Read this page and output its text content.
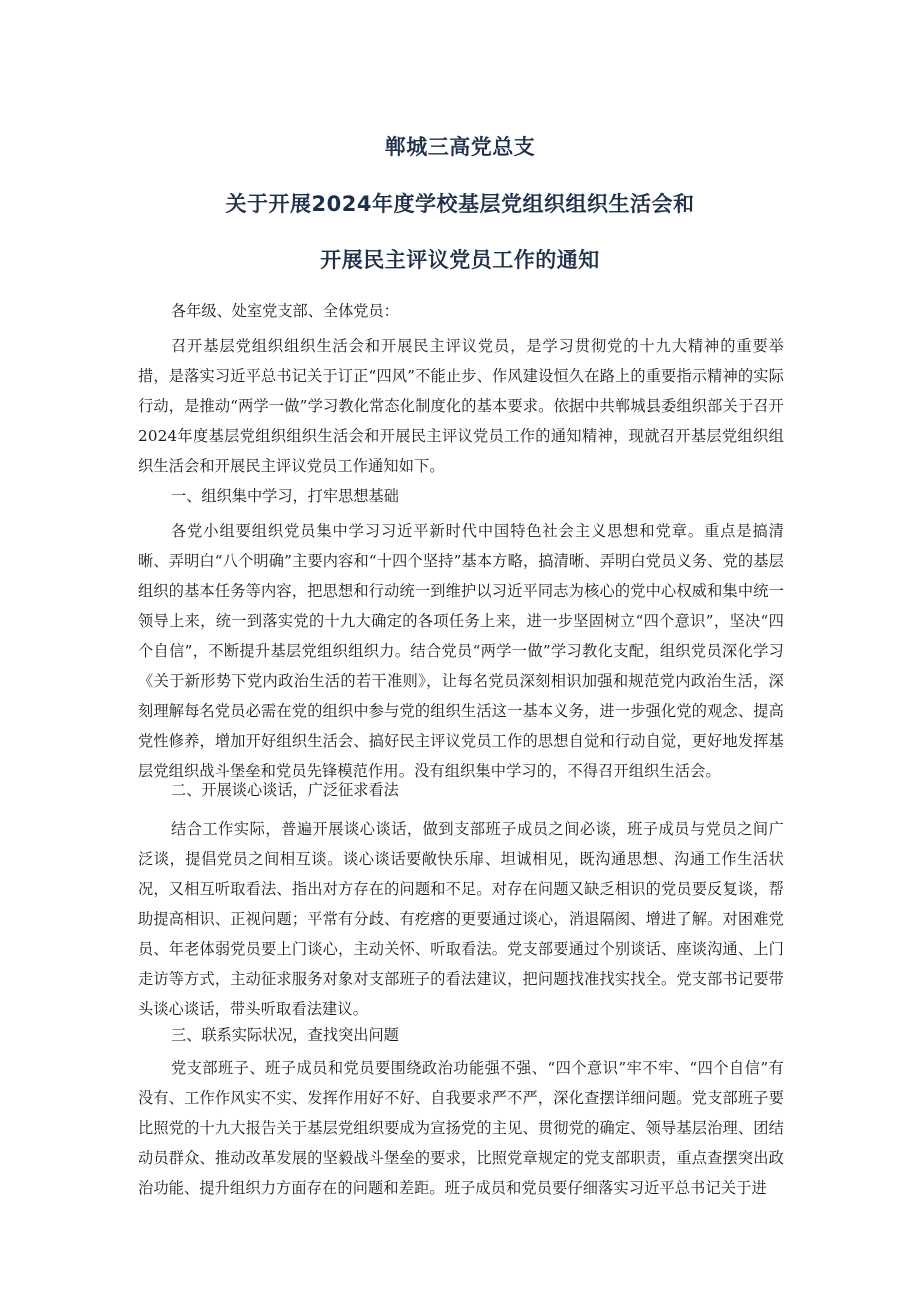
郸城三高党总支
关于开展2024年度学校基层党组织组织生活会和
开展民主评议党员工作的通知
各年级、处室党支部、全体党员：

召开基层党组织组织生活会和开展民主评议党员，是学习贯彻党的十九大精神的重要举措，是落实习近平总书记关于订正“四风”不能止步、作风建设恒久在路上的重要指示精神的实际行动，是推动“两学一做”学习教化常态化制度化的基本要求。依据中共郸城县委组织部关于召开2024年度基层党组织组织生活会和开展民主评议党员工作的通知精神，现就召开基层党组织组织生活会和开展民主评议党员工作通知如下。

一、组织集中学习，打牢思想基础

各党小组要组织党员集中学习习近平新时代中国特色社会主义思想和党章。重点是搞清晰、弄明白“八个明确”主要内容和“十四个坚持”基本方略，搞清晰、弄明白党员义务、党的基层组织的基本任务等内容，把思想和行动统一到维护以习近平同志为核心的党中心权威和集中统一领导上来，统一到落实党的十九大确定的各项任务上来，进一步坚固树立“四个意识”，坚决“四个自信”，不断提升基层党组织组织力。结合党员“两学一做”学习教化支配，组织党员深化学习《关于新形势下党内政治生活的若干准则》，让每名党员深刻相识加强和规范党内政治生活，深刻理解每名党员必需在党的组织中参与党的组织生活这一基本义务，进一步强化党的观念、提高党性修养，增加开好组织生活会、搞好民主评议党员工作的思想自觉和行动自觉，更好地发挥基层党组织战斗堡垒和党员先锋模范作用。没有组织集中学习的，不得召开组织生活会。

二、开展谈心谈话，广泛征求看法

结合工作实际，普遍开展谈心谈话，做到支部班子成员之间必谈，班子成员与党员之间广泛谈，提倡党员之间相互谈。谈心谈话要敞快乐扉、坦诚相见，既沟通思想、沟通工作生活状况，又相互听取看法、指出对方存在的问题和不足。对存在问题又缺乏相识的党员要反复谈，帮助提高相识、正视问题；平常有分歧、有疙瘩的更要通过谈心，消退隔阂、增进了解。对困难党员、年老体弱党员要上门谈心，主动关怀、听取看法。党支部要通过个别谈话、座谈沟通、上门走访等方式，主动征求服务对象对支部班子的看法建议，把问题找准找实找全。党支部书记要带头谈心谈话，带头听取看法建议。

三、联系实际状况，查找突出问题

党支部班子、班子成员和党员要围绕政治功能强不强、“四个意识”牢不牢、“四个自信”有没有、工作作风实不实、发挥作用好不好、自我要求严不严，深化查摆详细问题。党支部班子要比照党的十九大报告关于基层党组织要成为宣扬党的主见、贯彻党的确定、领导基层治理、团结动员群众、推动改革发展的坚毅战斗堡垒的要求，比照党章规定的党支部职责，重点查摆突出政治功能、提升组织力方面存在的问题和差距。班子成员和党员要仔细落实习近平总书记关于进
